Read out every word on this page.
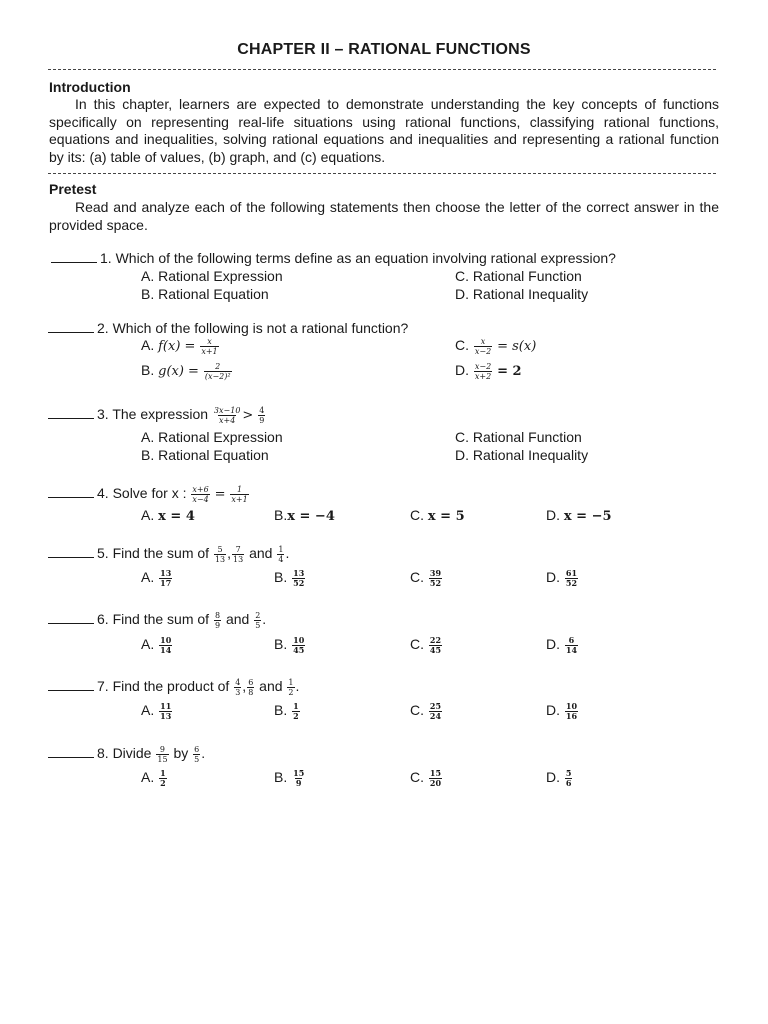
CHAPTER II – RATIONAL FUNCTIONS
Introduction
In this chapter, learners are expected to demonstrate understanding the key concepts of functions specifically on representing real-life situations using rational functions, classifying rational functions, equations and inequalities, solving rational equations and inequalities and representing a rational function by its: (a) table of values, (b) graph, and (c) equations.
Pretest
Read and analyze each of the following statements then choose the letter of the correct answer in the provided space.
1. Which of the following terms define as an equation involving rational expression?
A. Rational Expression	C. Rational Function
B. Rational Equation	D. Rational Inequality
2. Which of the following is not a rational function?
A. $f(x) = \frac{x}{x+1}$	C. $\frac{x}{x-2} = s(x)$
B. $g(x) = \frac{2}{\text{(x−2)²}}$	D. $\frac{x-2}{x+2} = 2$
3. The expression $\frac{3x-10}{x+4} > \frac{4}{9}$
A. Rational Expression	C. Rational Function
B. Rational Equation	D. Rational Inequality
4. Solve for x : $\frac{x+6}{x-4} = \frac{1}{x+1}$
A. x = 4	B.x = −4	C. x = 5	D. x = −5
5. Find the sum of $\frac{5}{13}$ , $\frac{7}{13}$ and $\frac{1}{4}$ .
A. $\frac{13}{17}$	B. $\frac{13}{52}$	C. $\frac{39}{52}$	D. $\frac{61}{52}$
6. Find the sum of $\frac{8}{9}$ and $\frac{2}{5}$ .
A. $\frac{10}{14}$	B. $\frac{10}{45}$	C. $\frac{22}{45}$	D. $\frac{6}{14}$
7. Find the product of $\frac{4}{3}$ , $\frac{6}{8}$ and $\frac{1}{2}$ .
A. $\frac{11}{13}$	B. $\frac{1}{2}$	C. $\frac{25}{24}$	D. $\frac{10}{16}$
8. Divide $\frac{9}{15}$ by $\frac{6}{5}$ .
A. $\frac{1}{2}$	B. $\frac{15}{9}$	C. $\frac{15}{20}$	D. $\frac{5}{6}$
